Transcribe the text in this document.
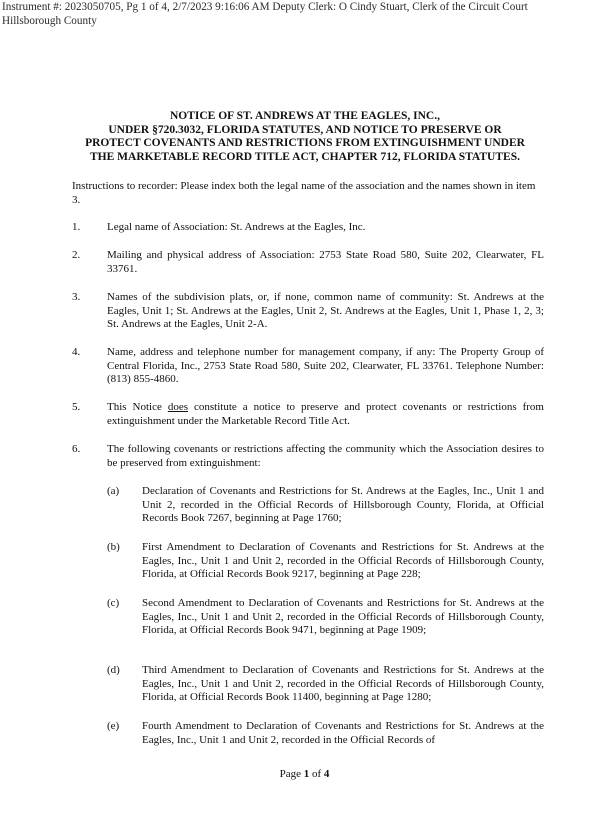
Instrument #: 2023050705, Pg 1 of 4, 2/7/2023 9:16:06 AM Deputy Clerk: O Cindy Stuart, Clerk of the Circuit Court
Hillsborough County
NOTICE OF ST. ANDREWS AT THE EAGLES, INC.,
UNDER §720.3032, FLORIDA STATUTES, AND NOTICE TO PRESERVE OR
PROTECT COVENANTS AND RESTRICTIONS FROM EXTINGUISHMENT UNDER
THE MARKETABLE RECORD TITLE ACT, CHAPTER 712, FLORIDA STATUTES.
Instructions to recorder: Please index both the legal name of the association and the names shown in item 3.
1. Legal name of Association: St. Andrews at the Eagles, Inc.
2. Mailing and physical address of Association: 2753 State Road 580, Suite 202, Clearwater, FL 33761.
3. Names of the subdivision plats, or, if none, common name of community: St. Andrews at the Eagles, Unit 1; St. Andrews at the Eagles, Unit 2, St. Andrews at the Eagles, Unit 1, Phase 1, 2, 3; St. Andrews at the Eagles, Unit 2-A.
4. Name, address and telephone number for management company, if any: The Property Group of Central Florida, Inc., 2753 State Road 580, Suite 202, Clearwater, FL 33761. Telephone Number: (813) 855-4860.
5. This Notice does constitute a notice to preserve and protect covenants or restrictions from extinguishment under the Marketable Record Title Act.
6. The following covenants or restrictions affecting the community which the Association desires to be preserved from extinguishment:
(a) Declaration of Covenants and Restrictions for St. Andrews at the Eagles, Inc., Unit 1 and Unit 2, recorded in the Official Records of Hillsborough County, Florida, at Official Records Book 7267, beginning at Page 1760;
(b) First Amendment to Declaration of Covenants and Restrictions for St. Andrews at the Eagles, Inc., Unit 1 and Unit 2, recorded in the Official Records of Hillsborough County, Florida, at Official Records Book 9217, beginning at Page 228;
(c) Second Amendment to Declaration of Covenants and Restrictions for St. Andrews at the Eagles, Inc., Unit 1 and Unit 2, recorded in the Official Records of Hillsborough County, Florida, at Official Records Book 9471, beginning at Page 1909;
(d) Third Amendment to Declaration of Covenants and Restrictions for St. Andrews at the Eagles, Inc., Unit 1 and Unit 2, recorded in the Official Records of Hillsborough County, Florida, at Official Records Book 11400, beginning at Page 1280;
(e) Fourth Amendment to Declaration of Covenants and Restrictions for St. Andrews at the Eagles, Inc., Unit 1 and Unit 2, recorded in the Official Records of
Page 1 of 4
